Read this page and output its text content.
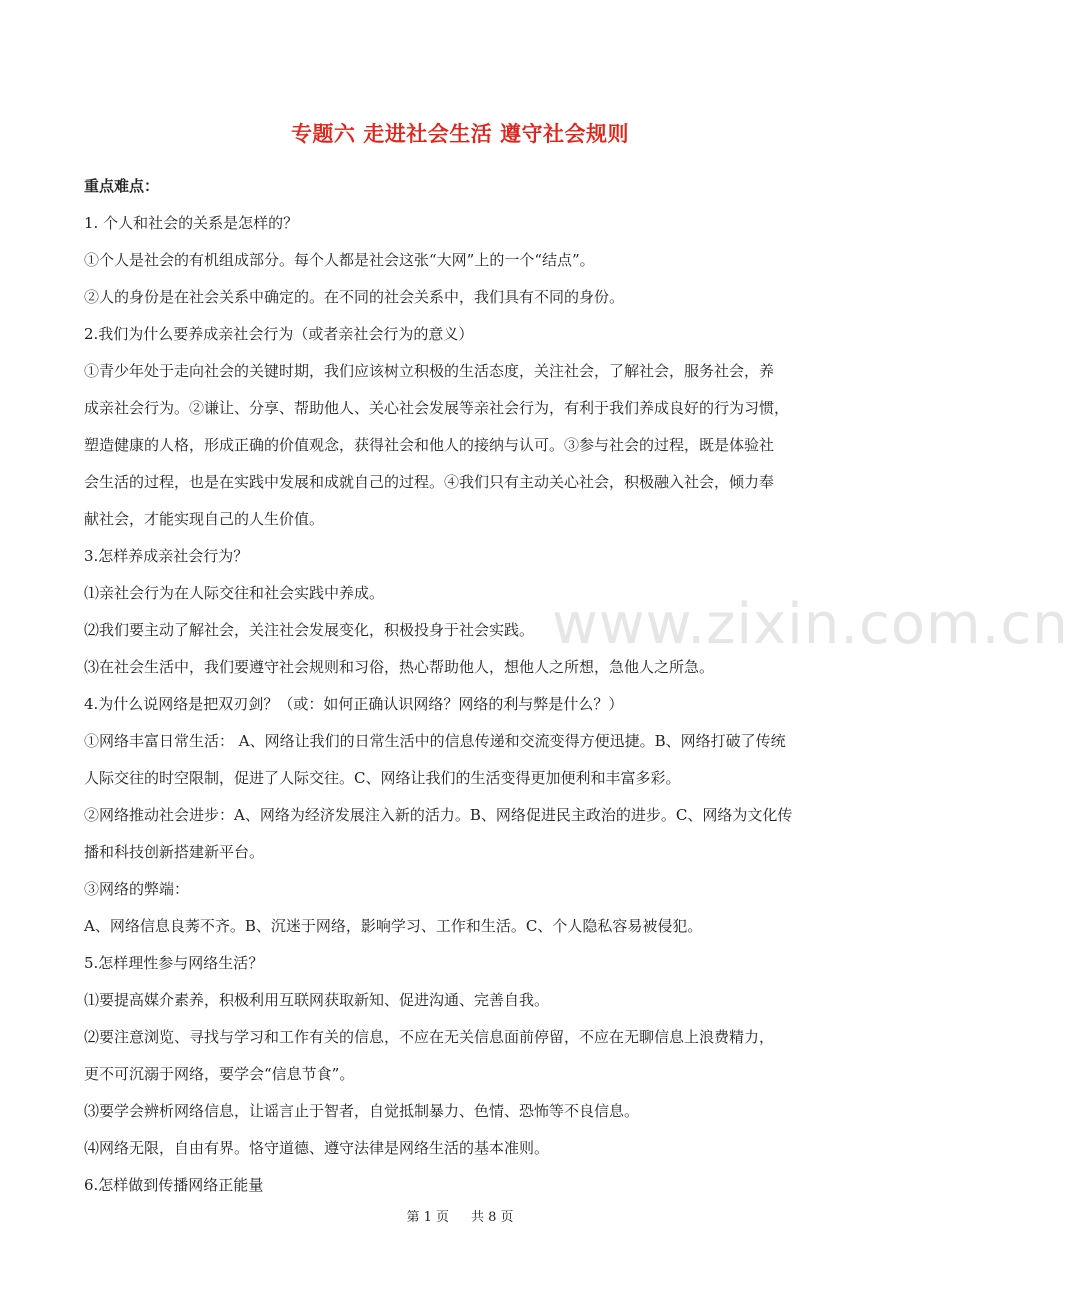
专题六 走进社会生活 遵守社会规则
重点难点：
1. 个人和社会的关系是怎样的？
①个人是社会的有机组成部分。每个人都是社会这张“大网”上的一个“结点”。
②人的身份是在社会关系中确定的。在不同的社会关系中，我们具有不同的身份。
2.我们为什么要养成亲社会行为（或者亲社会行为的意义）
①青少年处于走向社会的关键时期，我们应该树立积极的生活态度，关注社会，了解社会，服务社会，养
成亲社会行为。②谦让、分享、帮助他人、关心社会发展等亲社会行为，有利于我们养成良好的行为习惯，
塑造健康的人格，形成正确的价值观念，获得社会和他人的接纳与认可。③参与社会的过程，既是体验社
会生活的过程，也是在实践中发展和成就自己的过程。④我们只有主动关心社会，积极融入社会，倾力奉
献社会，才能实现自己的人生价值。
3.怎样养成亲社会行为？
⑴亲社会行为在人际交往和社会实践中养成。
⑵我们要主动了解社会，关注社会发展变化，积极投身于社会实践。
⑶在社会生活中，我们要遵守社会规则和习俗，热心帮助他人，想他人之所想，急他人之所急。
4.为什么说网络是把双刃剑？（或：如何正确认识网络？网络的利与弊是什么？）
①网络丰富日常生活： A、网络让我们的日常生活中的信息传递和交流变得方便迅捷。B、网络打破了传统
人际交往的时空限制，促进了人际交往。C、网络让我们的生活变得更加便利和丰富多彩。
②网络推动社会进步：A、网络为经济发展注入新的活力。B、网络促进民主政治的进步。C、网络为文化传
播和科技创新搭建新平台。
③网络的弊端：
A、网络信息良莠不齐。B、沉迷于网络，影响学习、工作和生活。C、个人隐私容易被侵犯。
5.怎样理性参与网络生活？
⑴要提高媒介素养，积极利用互联网获取新知、促进沟通、完善自我。
⑵要注意浏览、寻找与学习和工作有关的信息，不应在无关信息面前停留，不应在无聊信息上浪费精力，
更不可沉溺于网络，要学会“信息节食”。
⑶要学会辨析网络信息，让谣言止于智者，自觉抵制暴力、色情、恐怖等不良信息。
⑷网络无限，自由有界。恪守道德、遵守法律是网络生活的基本准则。
6.怎样做到传播网络正能量
www.zixin.com.cn
第 1 页 共 8 页
